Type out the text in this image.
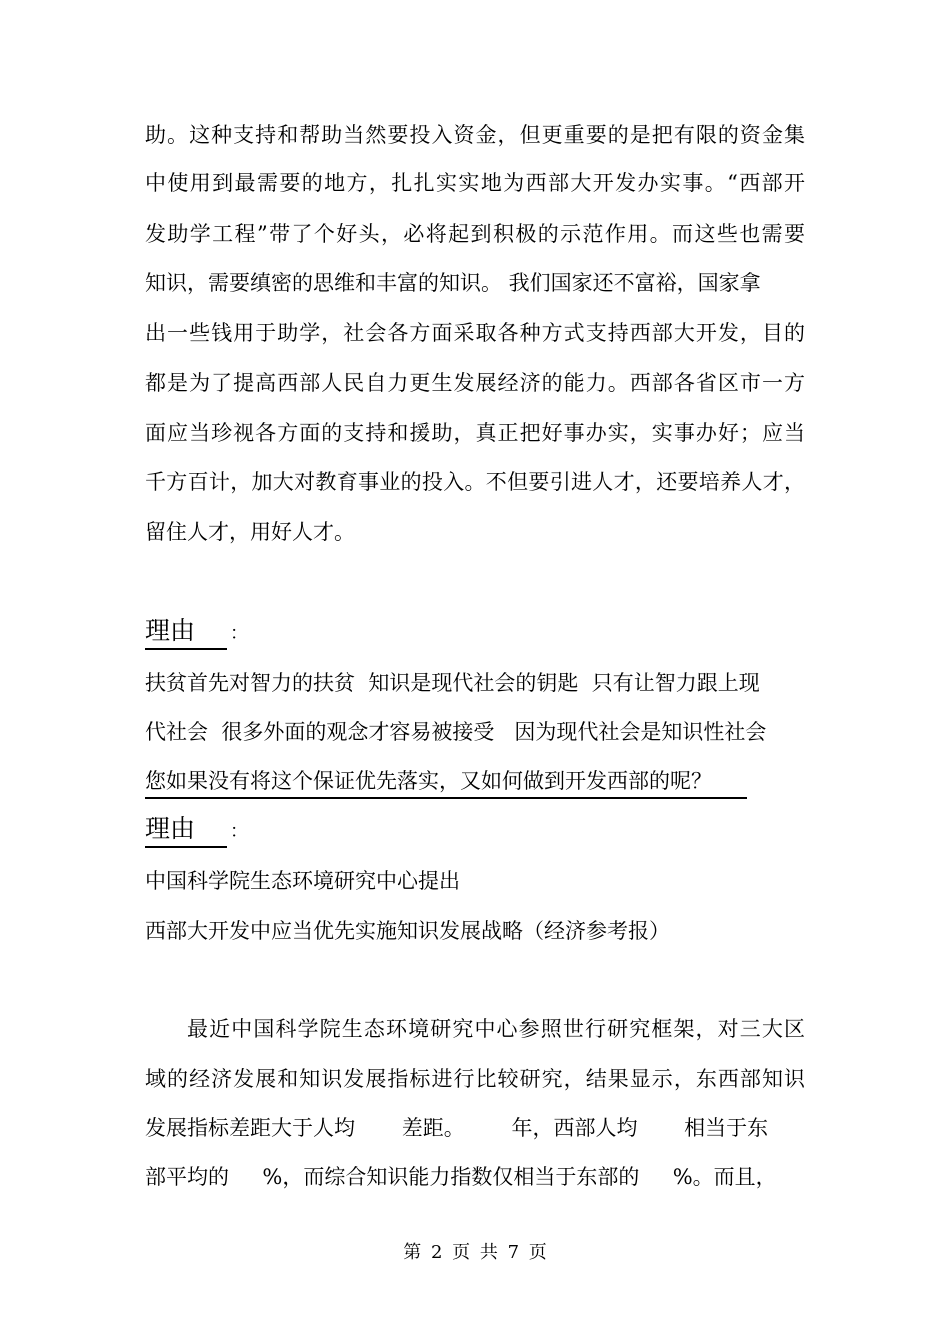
助。这种支持和帮助当然要投入资金，但更重要的是把有限的资金集
中使用到最需要的地方，扎扎实实地为西部大开发办实事。“西部开
发助学工程”带了个好头，必将起到积极的示范作用。而这些也需要
知识，需要缜密的思维和丰富的知识。 我们国家还不富裕，国家拿
出一些钱用于助学，社会各方面采取各种方式支持西部大开发，目的
都是为了提高西部人民自力更生发展经济的能力。西部各省区市一方
面应当珍视各方面的支持和援助，真正把好事办实，实事办好；应当
千方百计，加大对教育事业的投入。不但要引进人才，还要培养人才，
留住人才，用好人才。
理由 ：
扶贫首先对智力的扶贫  知识是现代社会的钥匙  只有让智力跟上现
代社会  很多外面的观念才容易被接受   因为现代社会是知识性社会
您如果没有将这个保证优先落实，又如何做到开发西部的呢？
理由 ：
中国科学院生态环境研究中心提出
西部大开发中应当优先实施知识发展战略（经济参考报）
最近中国科学院生态环境研究中心参照世行研究框架，对三大区
域的经济发展和知识发展指标进行比较研究，结果显示，东西部知识
发展指标差距大于人均       差距。       年，西部人均       相当于东
部平均的     %，而综合知识能力指数仅相当于东部的     %。而且，
第 2 页 共 7 页
